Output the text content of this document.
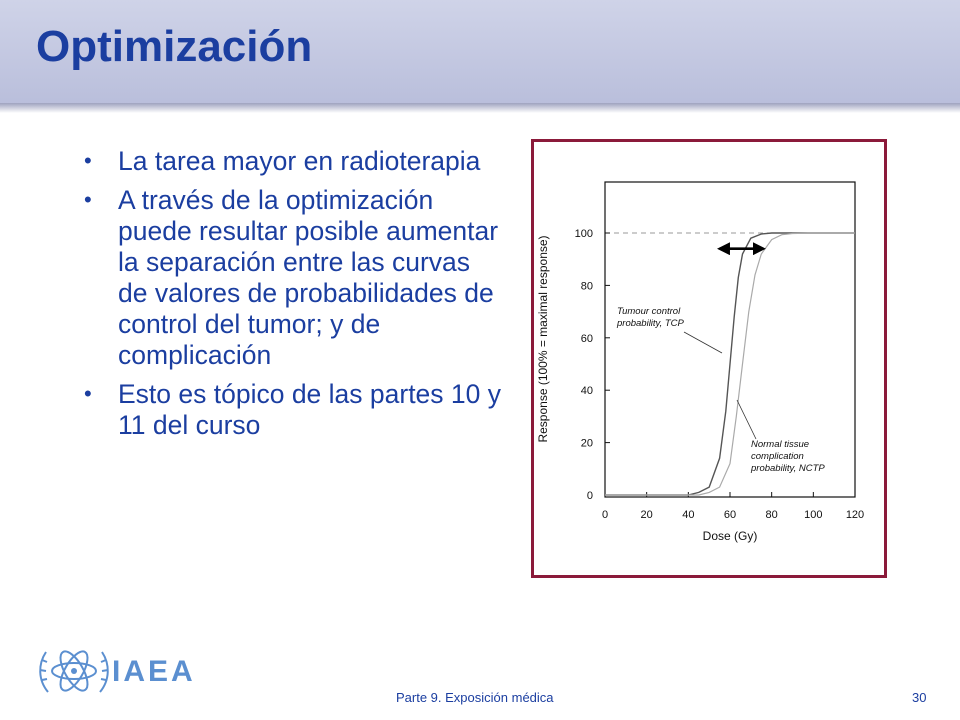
Optimización
• La tarea mayor en radioterapia
• A través de la optimización puede resultar posible aumentar la separación entre las curvas de valores de probabilidades de control del tumor; y de complicación
• Esto es tópico de las partes 10 y 11 del curso
0	20	40	60	80 100 120
0
20
40
60
80
100
Tumour control
probability, TCP
Normal tissue
complication
probability, NCTP
Dose (Gy)
Response (100% = maximal response)
IAEA
Parte 9. Exposición médica	30
